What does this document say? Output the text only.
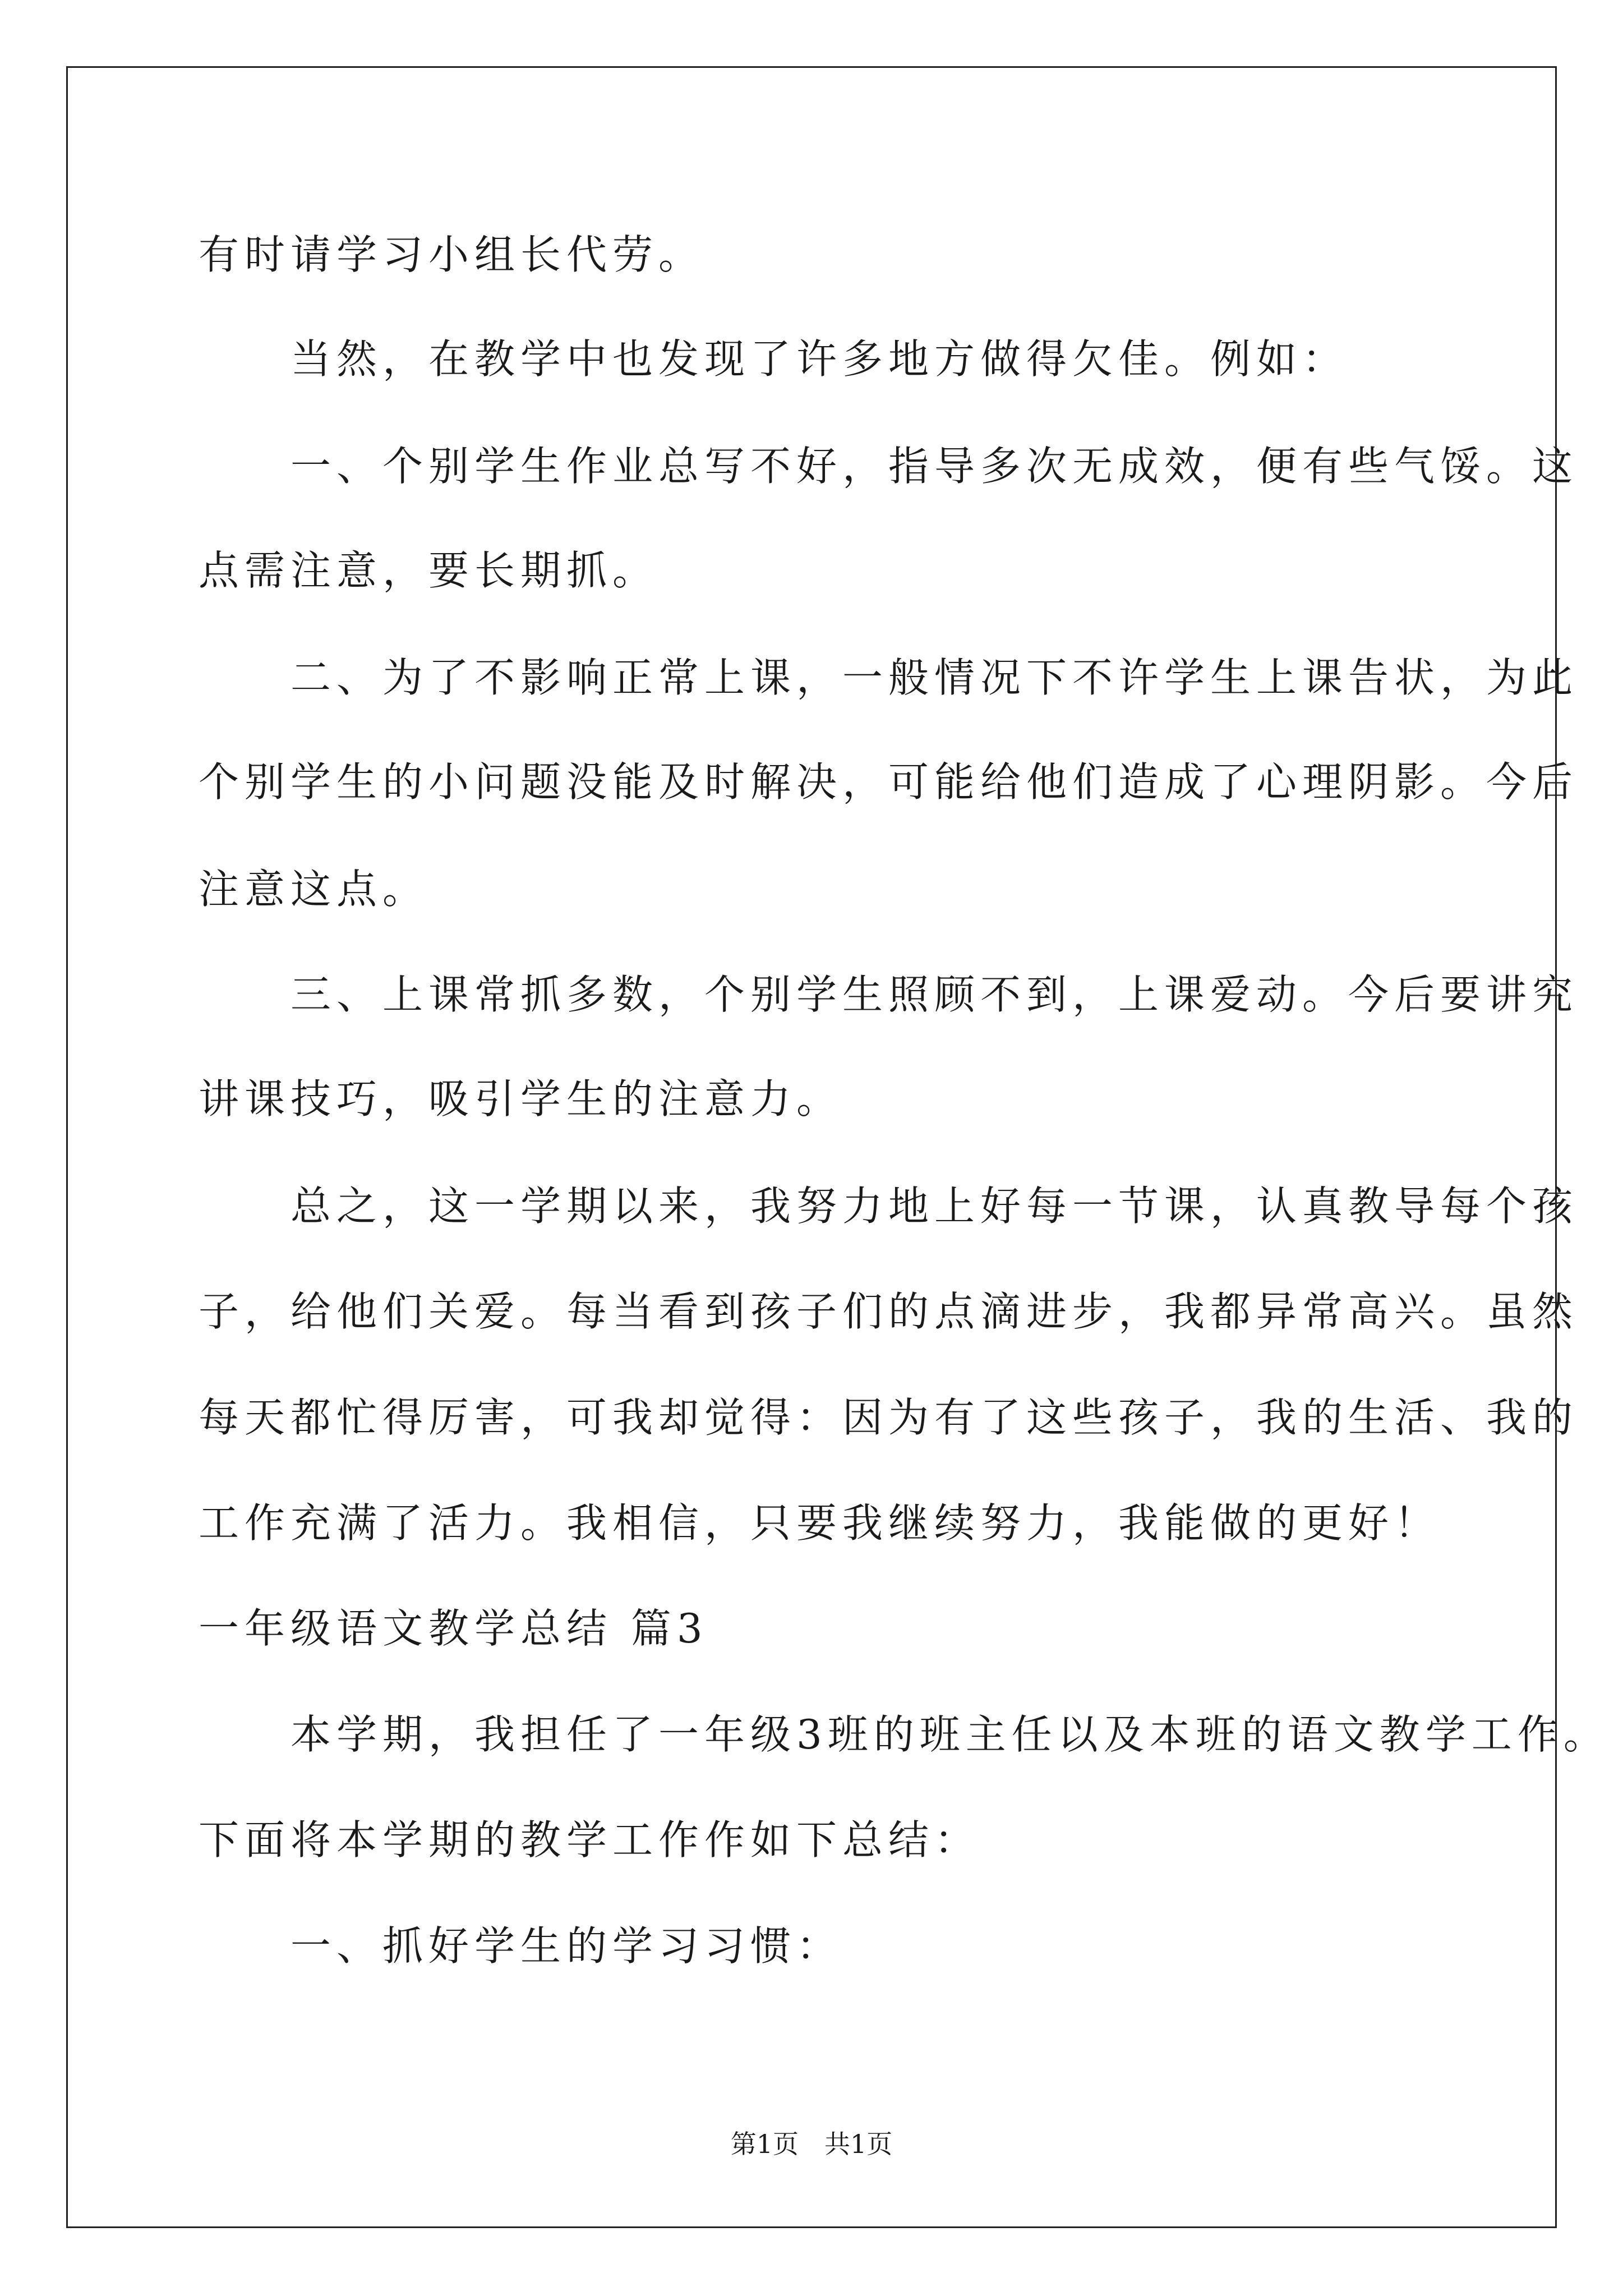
有时请学习小组长代劳。
　　当然，在教学中也发现了许多地方做得欠佳。例如：
　　一、个别学生作业总写不好，指导多次无成效，便有些气馁。这
点需注意，要长期抓。
　　二、为了不影响正常上课，一般情况下不许学生上课告状，为此
个别学生的小问题没能及时解决，可能给他们造成了心理阴影。今后
注意这点。
　　三、上课常抓多数，个别学生照顾不到，上课爱动。今后要讲究
讲课技巧，吸引学生的注意力。
　　总之，这一学期以来，我努力地上好每一节课，认真教导每个孩
子，给他们关爱。每当看到孩子们的点滴进步，我都异常高兴。虽然
每天都忙得厉害，可我却觉得：因为有了这些孩子，我的生活、我的
工作充满了活力。我相信，只要我继续努力，我能做的更好！
一年级语文教学总结 篇3
　　本学期，我担任了一年级3班的班主任以及本班的语文教学工作。
下面将本学期的教学工作作如下总结：
　　一、抓好学生的学习习惯：
第1页　共1页
